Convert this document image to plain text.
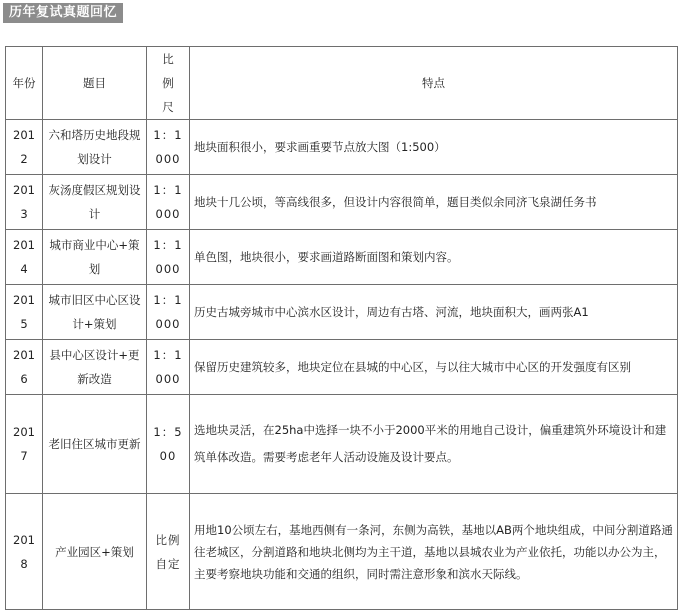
历年复试真题回忆
年份	题目	比例尺	特点
2012	六和塔历史地段规划设计	1：1000	地块面积很小，要求画重要节点放大图（1:500）
2013	灰汤度假区规划设计	1：1000	地块十几公顷，等高线很多，但设计内容很简单，题目类似余同济飞泉湖任务书
2014	城市商业中心+策划	1：1000	单色图，地块很小，要求画道路断面图和策划内容。
2015	城市旧区中心区设计+策划	1：1000	历史古城旁城市中心滨水区设计，周边有古塔、河流，地块面积大，画两张A1
2016	县中心区设计+更新改造	1：1000	保留历史建筑较多，地块定位在县城的中心区，与以往大城市中心区的开发强度有区别
2017	老旧住区城市更新	1：500	选地块灵活，在25ha中选择一块不小于2000平米的用地自己设计，偏重建筑外环境设计和建筑单体改造。需要考虑老年人活动设施及设计要点。
2018	产业园区+策划	比例自定	用地10公顷左右，基地西侧有一条河，东侧为高铁，基地以AB两个地块组成，中间分割道路通往老城区，分割道路和地块北侧均为主干道，基地以县城农业为产业依托，功能以办公为主，主要考察地块功能和交通的组织，同时需注意形象和滨水天际线。
